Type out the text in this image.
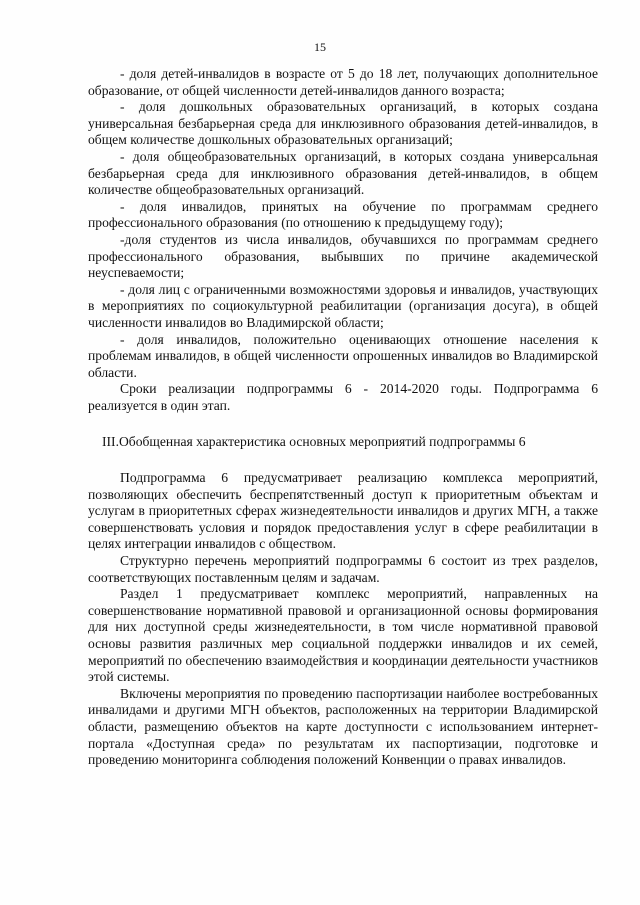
15

- доля детей-инвалидов в возрасте от 5 до 18 лет, получающих дополнительное образование, от общей численности детей-инвалидов данного возраста;

- доля дошкольных образовательных организаций, в которых создана универсальная безбарьерная среда для инклюзивного образования детей-инвалидов, в общем количестве дошкольных образовательных организаций;

- доля общеобразовательных организаций, в которых создана универсальная безбарьерная среда для инклюзивного образования детей-инвалидов, в общем количестве общеобразовательных организаций.

- доля инвалидов, принятых на обучение по программам среднего профессионального образования (по отношению к предыдущему году);

-доля студентов из числа инвалидов, обучавшихся по программам среднего профессионального образования, выбывших по причине академической неуспеваемости;

- доля лиц с ограниченными возможностями здоровья и инвалидов, участвующих в мероприятиях по социокультурной реабилитации (организация досуга), в общей численности инвалидов во Владимирской области;

- доля инвалидов, положительно оценивающих отношение населения к проблемам инвалидов, в общей численности опрошенных инвалидов во Владимирской области.

Сроки реализации подпрограммы 6 - 2014-2020 годы. Подпрограмма 6 реализуется в один этап.

III.Обобщенная характеристика основных мероприятий подпрограммы 6

Подпрограмма 6 предусматривает реализацию комплекса мероприятий, позволяющих обеспечить беспрепятственный доступ к приоритетным объектам и услугам в приоритетных сферах жизнедеятельности инвалидов и других МГН, а также совершенствовать условия и порядок предоставления услуг в сфере реабилитации в целях интеграции инвалидов с обществом.

Структурно перечень мероприятий подпрограммы 6 состоит из трех разделов, соответствующих поставленным целям и задачам.

Раздел 1 предусматривает комплекс мероприятий, направленных на совершенствование нормативной правовой и организационной основы формирования для них доступной среды жизнедеятельности, в том числе нормативной правовой основы развития различных мер социальной поддержки инвалидов и их семей, мероприятий по обеспечению взаимодействия и координации деятельности участников этой системы.

Включены мероприятия по проведению паспортизации наиболее востребованных инвалидами и другими МГН объектов, расположенных на территории Владимирской области, размещению объектов на карте доступности с использованием интернет-портала «Доступная среда» по результатам их паспортизации, подготовке и проведению мониторинга соблюдения положений Конвенции о правах инвалидов.
